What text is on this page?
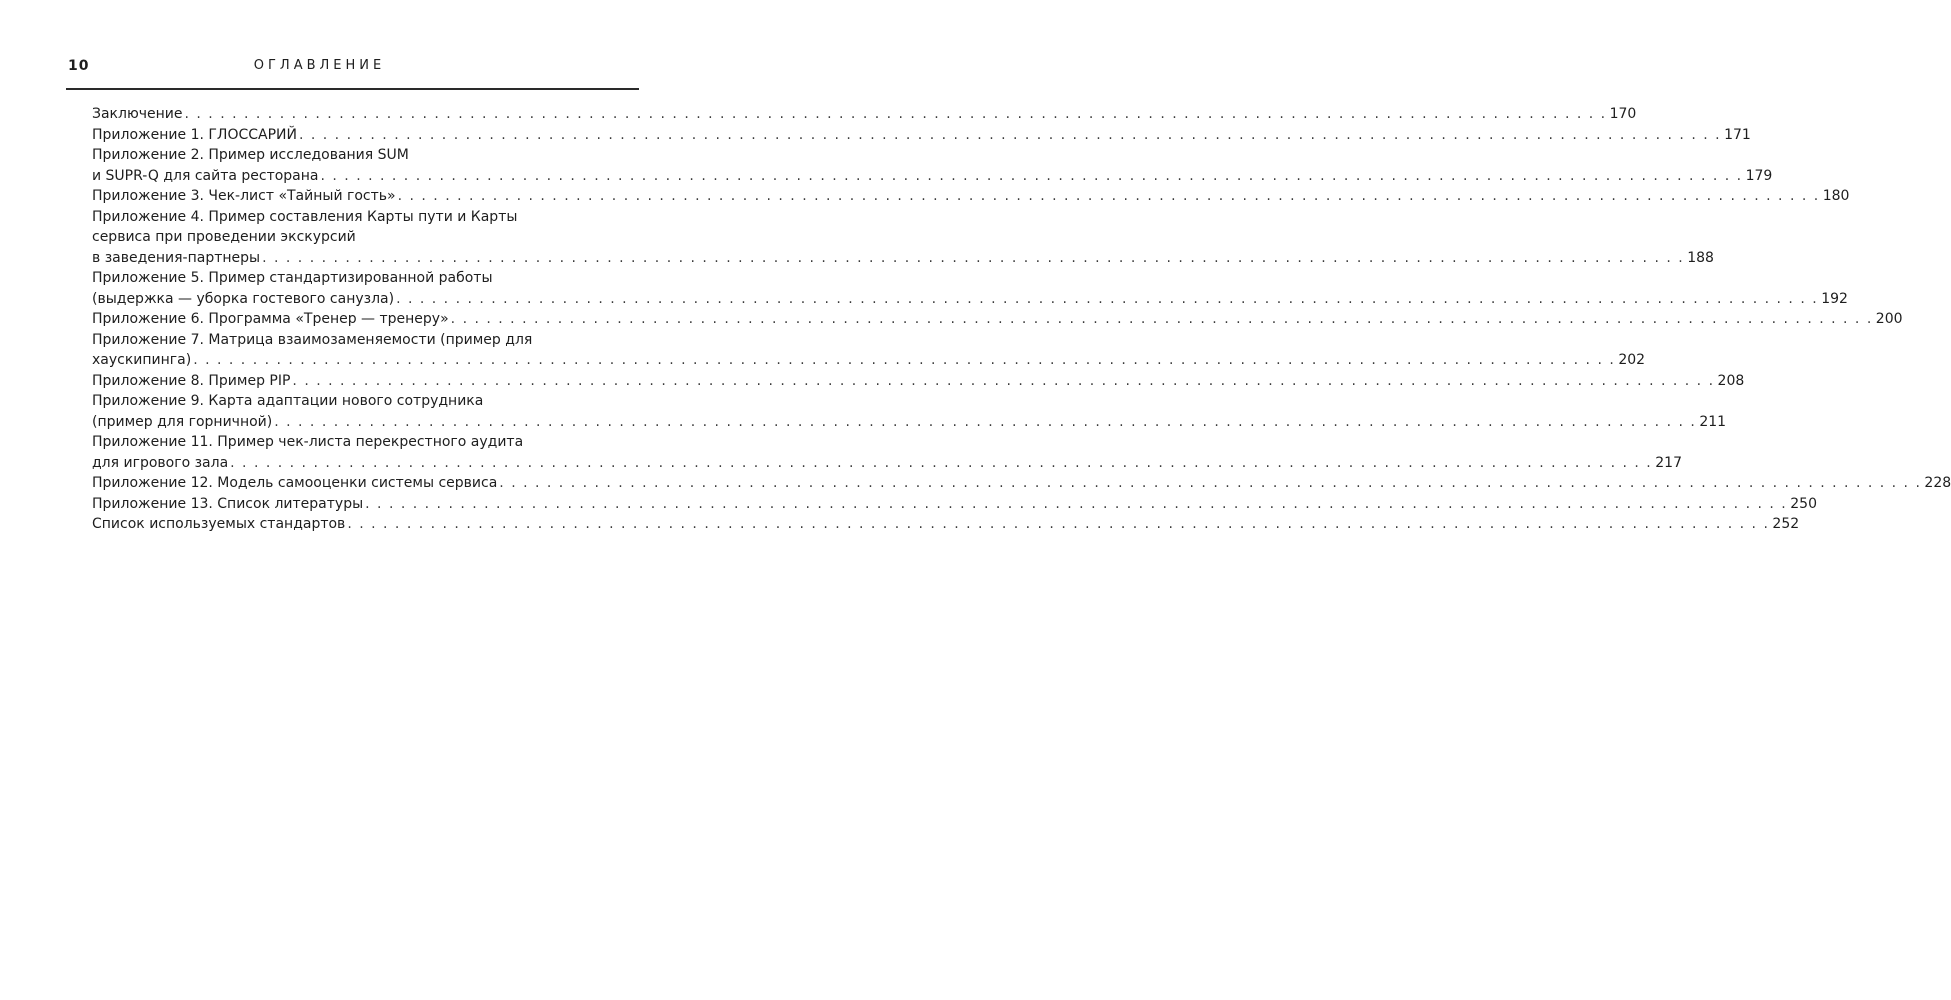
10	ОГЛАВЛЕНИЕ
Заключение . . . . . . . . . . . . . . . . . . . . . . . . . . . . . . . . . . . . . . . . . . . . . . . . . . . . . . . . . . . . . . . . . . . . . . . . . . . . . . . . . . . . . . . . . . . . . . . . . . . . . . . . . . . . . . . . . . . . . . . . 170
Приложение 1. ГЛОССАРИЙ . . . . . . . . . . . . . . . . . . . . . . . . . . . . . . . . . . . . . . . . . . . . . . . . . . . . . . . . . . . . . . . . . . . . . . . . . . . . . . . . . . . . . . . . . . . . . . . . . . . . . . . . . . . . . . . . . . . . . . . . 171
Приложение 2. Пример исследования SUM
и SUPR-Q для сайта ресторана . . . . . . . . . . . . . . . . . . . . . . . . . . . . . . . . . . . . . . . . . . . . . . . . . . . . . . . . . . . . . . . . . . . . . . . . . . . . . . . . . . . . . . . . . . . . . . . . . . . . . . . . . . . . . . . . . . . . . . . . 179
Приложение 3. Чек-лист «Тайный гость» . . . . . . . . . . . . . . . . . . . . . . . . . . . . . . . . . . . . . . . . . . . . . . . . . . . . . . . . . . . . . . . . . . . . . . . . . . . . . . . . . . . . . . . . . . . . . . . . . . . . . . . . . . . . . . . . . . . . . . . . 180
Приложение 4. Пример составления Карты пути и Карты
сервиса при проведении экскурсий
в заведения-партнеры . . . . . . . . . . . . . . . . . . . . . . . . . . . . . . . . . . . . . . . . . . . . . . . . . . . . . . . . . . . . . . . . . . . . . . . . . . . . . . . . . . . . . . . . . . . . . . . . . . . . . . . . . . . . . . . . . . . . . . . . 188
Приложение 5. Пример стандартизированной работы
(выдержка — уборка гостевого санузла) . . . . . . . . . . . . . . . . . . . . . . . . . . . . . . . . . . . . . . . . . . . . . . . . . . . . . . . . . . . . . . . . . . . . . . . . . . . . . . . . . . . . . . . . . . . . . . . . . . . . . . . . . . . . . . . . . . . . . . . . 192
Приложение 6. Программа «Тренер — тренеру» . . . . . . . . . . . . . . . . . . . . . . . . . . . . . . . . . . . . . . . . . . . . . . . . . . . . . . . . . . . . . . . . . . . . . . . . . . . . . . . . . . . . . . . . . . . . . . . . . . . . . . . . . . . . . . . . . . . . . . . . 200
Приложение 7. Матрица взаимозаменяемости (пример для
хаускипинга) . . . . . . . . . . . . . . . . . . . . . . . . . . . . . . . . . . . . . . . . . . . . . . . . . . . . . . . . . . . . . . . . . . . . . . . . . . . . . . . . . . . . . . . . . . . . . . . . . . . . . . . . . . . . . . . . . . . . . . . . 202
Приложение 8. Пример PIP . . . . . . . . . . . . . . . . . . . . . . . . . . . . . . . . . . . . . . . . . . . . . . . . . . . . . . . . . . . . . . . . . . . . . . . . . . . . . . . . . . . . . . . . . . . . . . . . . . . . . . . . . . . . . . . . . . . . . . . . 208
Приложение 9. Карта адаптации нового сотрудника
(пример для горничной) . . . . . . . . . . . . . . . . . . . . . . . . . . . . . . . . . . . . . . . . . . . . . . . . . . . . . . . . . . . . . . . . . . . . . . . . . . . . . . . . . . . . . . . . . . . . . . . . . . . . . . . . . . . . . . . . . . . . . . . . 211
Приложение 11. Пример чек-листа перекрестного аудита
для игрового зала . . . . . . . . . . . . . . . . . . . . . . . . . . . . . . . . . . . . . . . . . . . . . . . . . . . . . . . . . . . . . . . . . . . . . . . . . . . . . . . . . . . . . . . . . . . . . . . . . . . . . . . . . . . . . . . . . . . . . . . . 217
Приложение 12. Модель самооценки системы сервиса . . . . . . . . . . . . . . . . . . . . . . . . . . . . . . . . . . . . . . . . . . . . . . . . . . . . . . . . . . . . . . . . . . . . . . . . . . . . . . . . . . . . . . . . . . . . . . . . . . . . . . . . . . . . . . . . . . . . . . . . 228
Приложение 13. Список литературы . . . . . . . . . . . . . . . . . . . . . . . . . . . . . . . . . . . . . . . . . . . . . . . . . . . . . . . . . . . . . . . . . . . . . . . . . . . . . . . . . . . . . . . . . . . . . . . . . . . . . . . . . . . . . . . . . . . . . . . . 250
Список используемых стандартов . . . . . . . . . . . . . . . . . . . . . . . . . . . . . . . . . . . . . . . . . . . . . . . . . . . . . . . . . . . . . . . . . . . . . . . . . . . . . . . . . . . . . . . . . . . . . . . . . . . . . . . . . . . . . . . . . . . . . . . . 252
